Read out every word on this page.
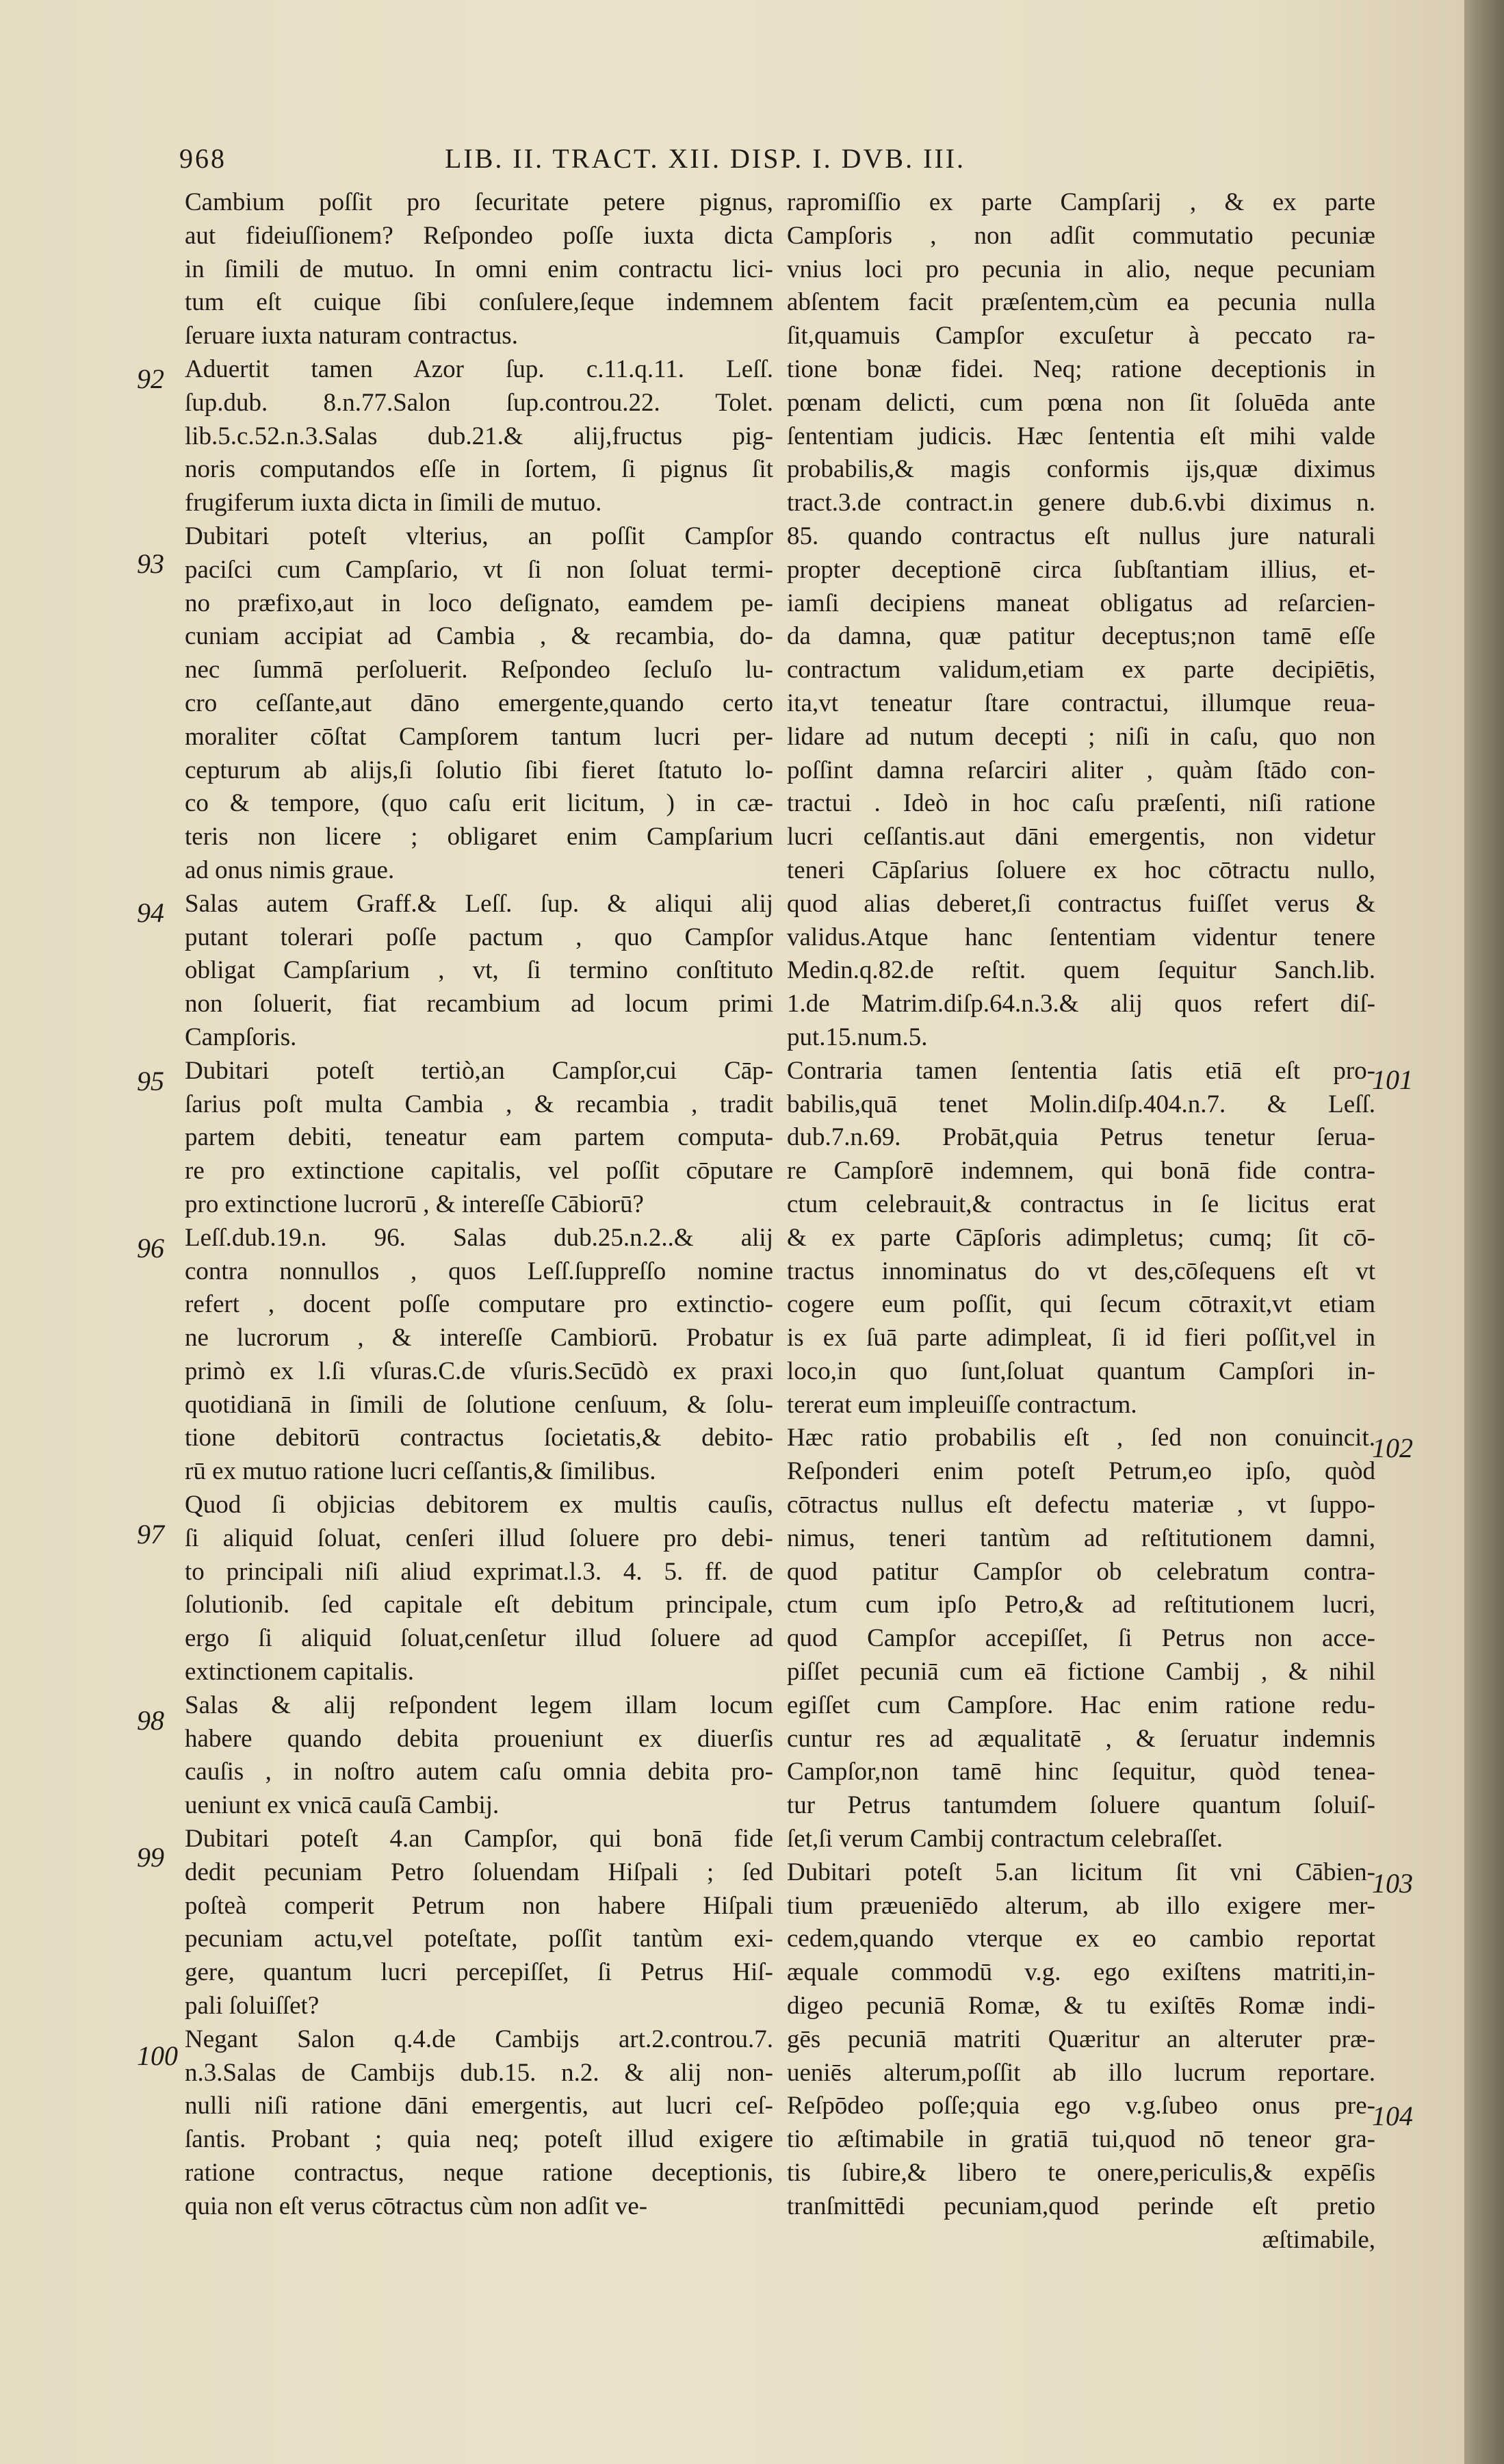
968	LIB. II. TRACT. XII. DISP. I. DVB. III.
Cambium poſſit pro ſecuritate petere pignus,
aut fideiuſſionem? Reſpondeo poſſe iuxta dicta
in ſimili de mutuo. In omni enim contractu lici-
tum eſt cuique ſibi conſulere,ſeque indemnem
ſeruare iuxta naturam contractus.
Aduertit tamen Azor ſup. c.11.q.11. Leſſ.
ſup.dub. 8.n.77.Salon ſup.controu.22. Tolet.
lib.5.c.52.n.3.Salas dub.21.& alij,fructus pig-
noris computandos eſſe in ſortem, ſi pignus ſit
frugiferum iuxta dicta in ſimili de mutuo.
Dubitari poteſt vlterius, an poſſit Campſor
paciſci cum Campſario, vt ſi non ſoluat termi-
no præfixo,aut in loco deſignato, eamdem pe-
cuniam accipiat ad Cambia , & recambia, do-
nec ſummā perſoluerit. Reſpondeo ſecluſo lu-
cro ceſſante,aut dāno emergente,quando certo
moraliter cōſtat Campſorem tantum lucri per-
cepturum ab alijs,ſi ſolutio ſibi fieret ſtatuto lo-
co & tempore, (quo caſu erit licitum, ) in cæ-
teris non licere ; obligaret enim Campſarium
ad onus nimis graue.
Salas autem Graff.& Leſſ. ſup. & aliqui alij
putant tolerari poſſe pactum , quo Campſor
obligat Campſarium , vt, ſi termino conſtituto
non ſoluerit, fiat recambium ad locum primi
Campſoris.
Dubitari poteſt tertiò,an Campſor,cui Cāp-
ſarius poſt multa Cambia , & recambia , tradit
partem debiti, teneatur eam partem computa-
re pro extinctione capitalis, vel poſſit cōputare
pro extinctione lucrorū , & intereſſe Cābiorū?
Leſſ.dub.19.n. 96. Salas dub.25.n.2..& alij
contra nonnullos , quos Leſſ.ſuppreſſo nomine
refert , docent poſſe computare pro extinctio-
ne lucrorum , & intereſſe Cambiorū. Probatur
primò ex l.ſi vſuras.C.de vſuris.Secūdò ex praxi
quotidianā in ſimili de ſolutione cenſuum, & ſolu-
tione debitorū contractus ſocietatis,& debito-
rū ex mutuo ratione lucri ceſſantis,& ſimilibus.
Quod ſi objicias debitorem ex multis cauſis,
ſi aliquid ſoluat, cenſeri illud ſoluere pro debi-
to principali niſi aliud exprimat.l.3. 4. 5. ff. de
ſolutionib. ſed capitale eſt debitum principale,
ergo ſi aliquid ſoluat,cenſetur illud ſoluere ad
extinctionem capitalis.
Salas & alij reſpondent legem illam locum
habere quando debita proueniunt ex diuerſis
cauſis , in noſtro autem caſu omnia debita pro-
ueniunt ex vnicā cauſā Cambij.
Dubitari poteſt 4.an Campſor, qui bonā fide
dedit pecuniam Petro ſoluendam Hiſpali ; ſed
poſteà comperit Petrum non habere Hiſpali
pecuniam actu,vel poteſtate, poſſit tantùm exi-
gere, quantum lucri percepiſſet, ſi Petrus Hiſ-
pali ſoluiſſet?
Negant Salon q.4.de Cambijs art.2.controu.7.
n.3.Salas de Cambijs dub.15. n.2. & alij non-
nulli niſi ratione dāni emergentis, aut lucri ceſ-
ſantis. Probant ; quia neq; poteſt illud exigere
ratione contractus, neque ratione deceptionis,
quia non eſt verus cōtractus cùm non adſit ve-
rapromiſſio ex parte Campſarij , & ex parte
Campſoris , non adſit commutatio pecuniæ
vnius loci pro pecunia in alio, neque pecuniam
abſentem facit præſentem,cùm ea pecunia nulla
ſit,quamuis Campſor excuſetur à peccato ra-
tione bonæ fidei. Neq; ratione deceptionis in
pœnam delicti, cum pœna non ſit ſoluēda ante
ſententiam judicis. Hæc ſententia eſt mihi valde
probabilis,& magis conformis ijs,quæ diximus
tract.3.de contract.in genere dub.6.vbi diximus n.
85. quando contractus eſt nullus jure naturali
propter deceptionē circa ſubſtantiam illius, et-
iamſi decipiens maneat obligatus ad reſarcien-
da damna, quæ patitur deceptus;non tamē eſſe
contractum validum,etiam ex parte decipiētis,
ita,vt teneatur ſtare contractui, illumque reua-
lidare ad nutum decepti ; niſi in caſu, quo non
poſſint damna reſarciri aliter , quàm ſtādo con-
tractui . Ideò in hoc caſu præſenti, niſi ratione
lucri ceſſantis.aut dāni emergentis, non videtur
teneri Cāpſarius ſoluere ex hoc cōtractu nullo,
quod alias deberet,ſi contractus fuiſſet verus &
validus.Atque hanc ſententiam videntur tenere
Medin.q.82.de reſtit. quem ſequitur Sanch.lib.
1.de Matrim.diſp.64.n.3.& alij quos refert diſ-
put.15.num.5.
Contraria tamen ſententia ſatis etiā eſt pro-
babilis,quā tenet Molin.diſp.404.n.7. & Leſſ.
dub.7.n.69. Probāt,quia Petrus tenetur ſerua-
re Campſorē indemnem, qui bonā fide contra-
ctum celebrauit,& contractus in ſe licitus erat
& ex parte Cāpſoris adimpletus; cumq; ſit cō-
tractus innominatus do vt des,cōſequens eſt vt
cogere eum poſſit, qui ſecum cōtraxit,vt etiam
is ex ſuā parte adimpleat, ſi id fieri poſſit,vel in
loco,in quo ſunt,ſoluat quantum Campſori in-
tererat eum impleuiſſe contractum.
Hæc ratio probabilis eſt , ſed non conuincit.
Reſponderi enim poteſt Petrum,eo ipſo, quòd
cōtractus nullus eſt defectu materiæ , vt ſuppo-
nimus, teneri tantùm ad reſtitutionem damni,
quod patitur Campſor ob celebratum contra-
ctum cum ipſo Petro,& ad reſtitutionem lucri,
quod Campſor accepiſſet, ſi Petrus non acce-
piſſet pecuniā cum eā fictione Cambij , & nihil
egiſſet cum Campſore. Hac enim ratione redu-
cuntur res ad æqualitatē , & ſeruatur indemnis
Campſor,non tamē hinc ſequitur, quòd tenea-
tur Petrus tantumdem ſoluere quantum ſoluiſ-
ſet,ſi verum Cambij contractum celebraſſet.
Dubitari poteſt 5.an licitum ſit vni Cābien-
tium præueniēdo alterum, ab illo exigere mer-
cedem,quando vterque ex eo cambio reportat
æquale commodū v.g. ego exiſtens matriti,in-
digeo pecuniā Romæ, & tu exiſtēs Romæ indi-
gēs pecuniā matriti Quæritur an alteruter præ-
ueniēs alterum,poſſit ab illo lucrum reportare.
Reſpōdeo poſſe;quia ego v.g.ſubeo onus pre-
tio æſtimabile in gratiā tui,quod nō teneor gra-
tis ſubire,& libero te onere,periculis,& expēſis
tranſmittēdi pecuniam,quod perinde eſt pretio
æſtimabile,
92
93
94
95
96
97
98
99
100
101
102
103
104
